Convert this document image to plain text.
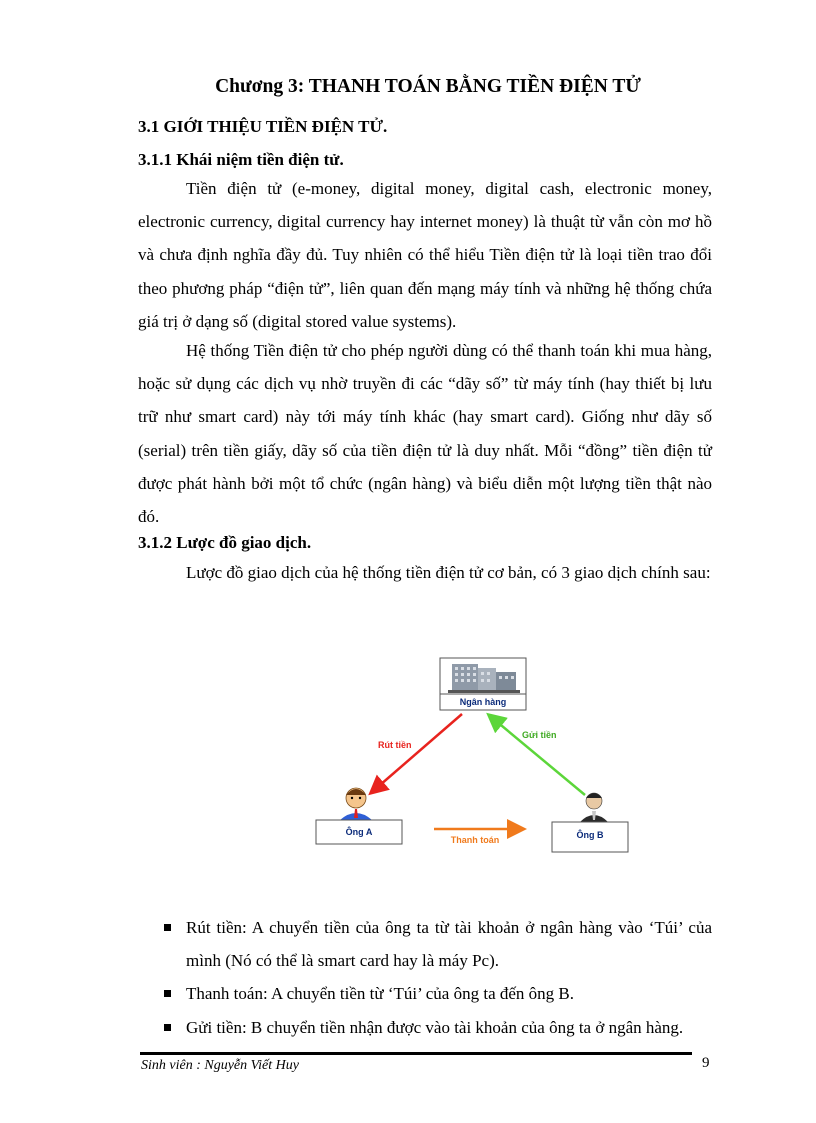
Chương 3: THANH TOÁN BẰNG TIỀN ĐIỆN TỬ
3.1 GIỚI THIỆU TIỀN ĐIỆN TỬ.
3.1.1 Khái niệm tiền điện tử.

Tiền điện tử (e-money, digital money, digital cash, electronic money, electronic currency, digital currency hay internet money) là thuật từ vẫn còn mơ hồ và chưa định nghĩa đầy đủ. Tuy nhiên có thể hiểu Tiền điện tử là loại tiền trao đổi theo phương pháp “điện tử”, liên quan đến mạng máy tính và những hệ thống chứa giá trị ở dạng số (digital stored value systems).

Hệ thống Tiền điện tử cho phép người dùng có thể thanh toán khi mua hàng, hoặc sử dụng các dịch vụ nhờ truyền đi các “dãy số” từ máy tính (hay thiết bị lưu trữ như smart card) này tới máy tính khác (hay smart card). Giống như dãy số (serial) trên tiền giấy, dãy số của tiền điện tử là duy nhất. Mỗi “đồng” tiền điện tử được phát hành bởi một tổ chức (ngân hàng) và biểu diễn một lượng tiền thật nào đó.

3.1.2 Lược đồ giao dịch.

Lược đồ giao dịch của hệ thống tiền điện tử cơ bản, có 3 giao dịch chính sau:

Ngân hàng
Rút tiền
Gửi tiền
Ông A	Ông B
Thanh toán
Rút tiền: A chuyển tiền của ông ta từ tài khoản ở ngân hàng vào ‘Túi’ của mình (Nó có thể là smart card hay là máy Pc).
Thanh toán: A chuyển tiền từ ‘Túi’ của ông ta đến ông B.
Gửi tiền: B chuyển tiền nhận được vào tài khoản của ông ta ở ngân hàng.
Sinh viên : Nguyễn Viết Huy	9
